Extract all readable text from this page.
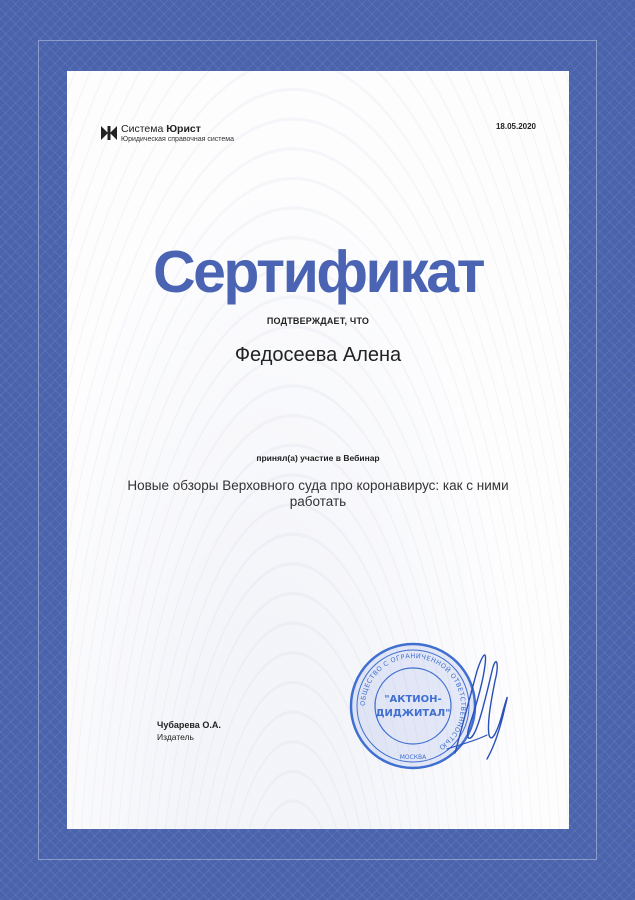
Система Юрист
Юридическая справочная система
18.05.2020
Сертификат
ПОДТВЕРЖДАЕТ, ЧТО
Федосеева Алена
принял(а) участие в Вебинар
Новые обзоры Верховного суда про коронавирус: как с ними работать
Чубарева О.А.
Издатель
ОБЩЕСТВО С ОГРАНИЧЕННОЙ ОТВЕТСТВЕННОСТЬЮ
"АКТИОН-
ДИДЖИТАЛ"
МОСКВА
